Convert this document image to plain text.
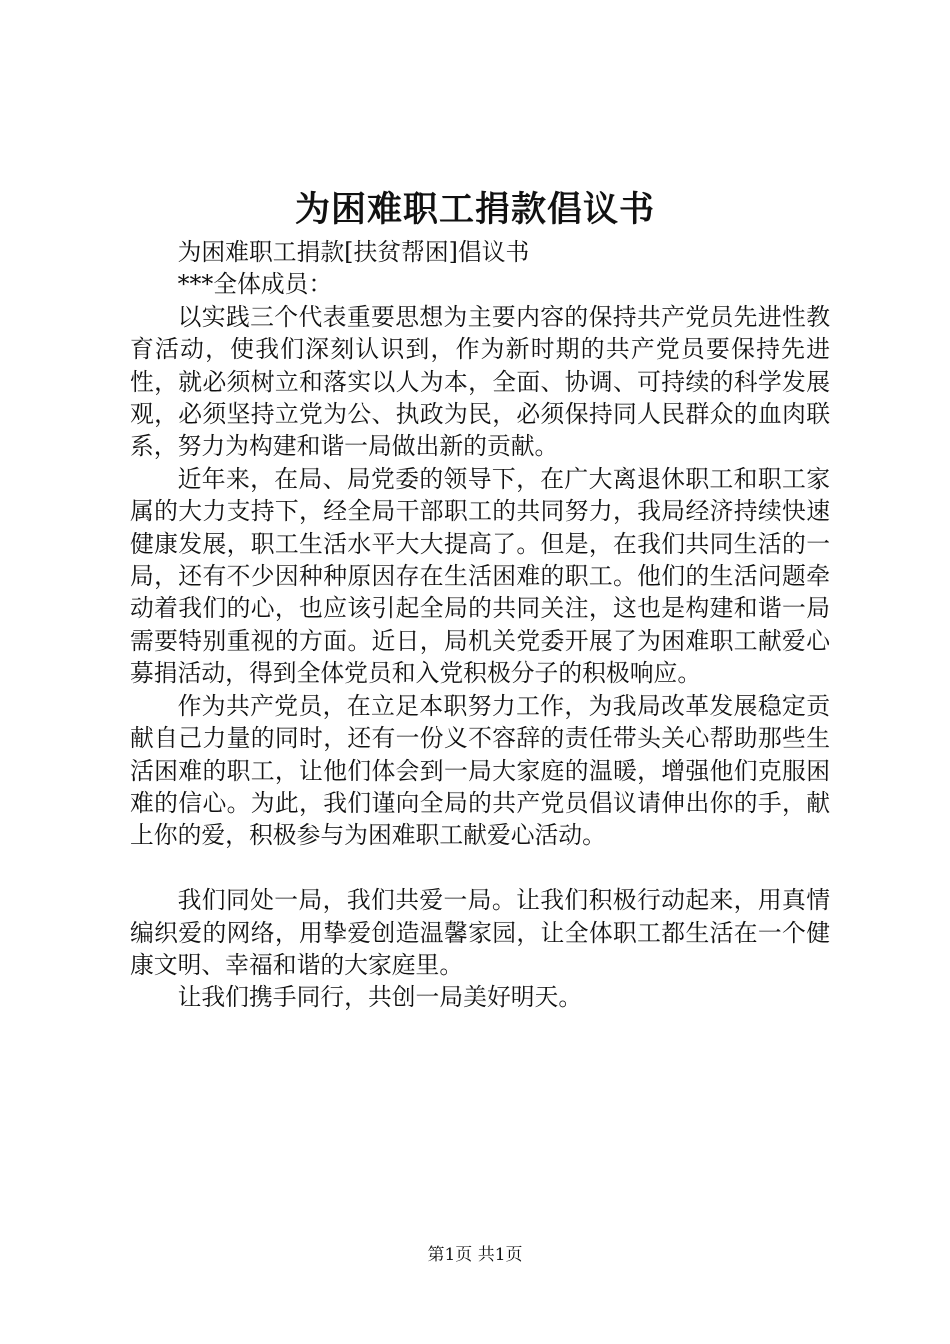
为困难职工捐款倡议书

为困难职工捐款[扶贫帮困]倡议书

***全体成员：

以实践三个代表重要思想为主要内容的保持共产党员先进性教育活动，使我们深刻认识到，作为新时期的共产党员要保持先进性，就必须树立和落实以人为本，全面、协调、可持续的科学发展观，必须坚持立党为公、执政为民，必须保持同人民群众的血肉联系，努力为构建和谐一局做出新的贡献。

近年来，在局、局党委的领导下，在广大离退休职工和职工家属的大力支持下，经全局干部职工的共同努力，我局经济持续快速健康发展，职工生活水平大大提高了。但是，在我们共同生活的一局，还有不少因种种原因存在生活困难的职工。他们的生活问题牵动着我们的心，也应该引起全局的共同关注，这也是构建和谐一局需要特别重视的方面。近日，局机关党委开展了为困难职工献爱心募捐活动，得到全体党员和入党积极分子的积极响应。

作为共产党员，在立足本职努力工作，为我局改革发展稳定贡献自己力量的同时，还有一份义不容辞的责任带头关心帮助那些生活困难的职工，让他们体会到一局大家庭的温暖，增强他们克服困难的信心。为此，我们谨向全局的共产党员倡议请伸出你的手，献上你的爱，积极参与为困难职工献爱心活动。

我们同处一局，我们共爱一局。让我们积极行动起来，用真情编织爱的网络，用挚爱创造温馨家园，让全体职工都生活在一个健康文明、幸福和谐的大家庭里。

让我们携手同行，共创一局美好明天。

第1页 共1页
